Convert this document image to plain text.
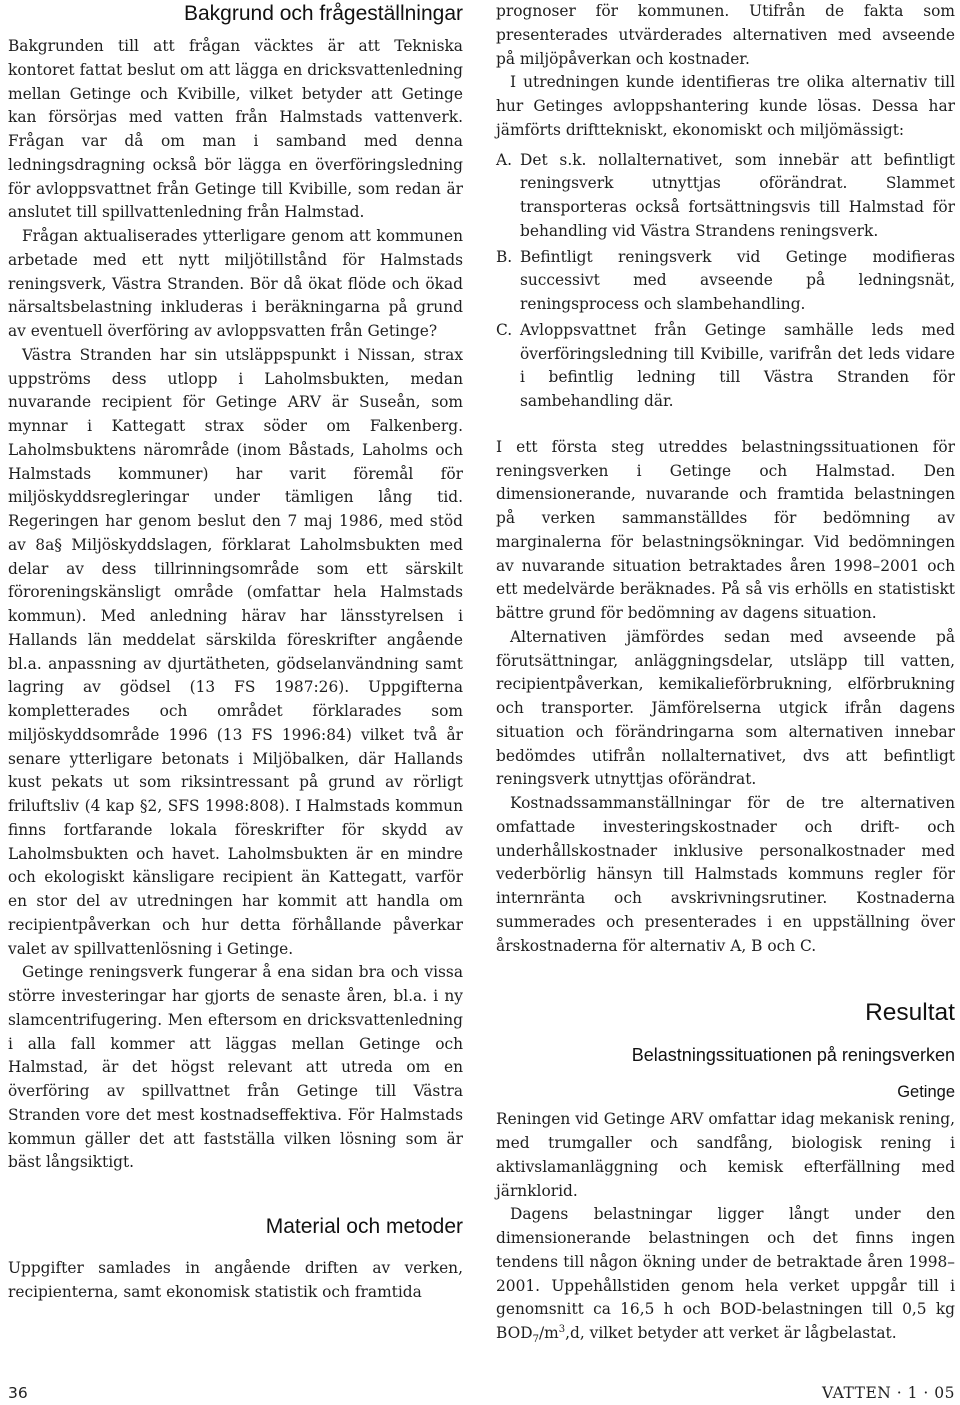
Bakgrund och frågeställningar

Bakgrunden till att frågan väcktes är att Tekniska kontoret fattat beslut om att lägga en dricksvattenledning mellan Getinge och Kvibille, vilket betyder att Getinge kan försörjas med vatten från Halmstads vattenverk. Frågan var då om man i samband med denna ledningsdragning också bör lägga en överföringsledning för avloppsvattnet från Getinge till Kvibille, som redan är anslutet till spillvattenledning från Halmstad.

Frågan aktualiserades ytterligare genom att kommunen arbetade med ett nytt miljötillstånd för Halmstads reningsverk, Västra Stranden. Bör då ökat flöde och ökad närsaltsbelastning inkluderas i beräkningarna på grund av eventuell överföring av avloppsvatten från Getinge?

Västra Stranden har sin utsläppspunkt i Nissan, strax uppströms dess utlopp i Laholmsbukten, medan nuvarande recipient för Getinge ARV är Suseån, som mynnar i Kattegatt strax söder om Falkenberg. Laholmsbuktens närområde (inom Båstads, Laholms och Halmstads kommuner) har varit föremål för miljöskyddsregleringar under tämligen lång tid. Regeringen har genom beslut den 7 maj 1986, med stöd av 8a§ Miljöskyddslagen, förklarat Laholmsbukten med delar av dess tillrinningsområde som ett särskilt föroreningskänsligt område (omfattar hela Halmstads kommun). Med anledning härav har länsstyrelsen i Hallands län meddelat särskilda föreskrifter angående bl.a. anpassning av djurtätheten, gödselanvändning samt lagring av gödsel (13 FS 1987:26). Uppgifterna kompletterades och området förklarades som miljöskyddsområde 1996 (13 FS 1996:84) vilket två år senare ytterligare betonats i Miljöbalken, där Hallands kust pekats ut som riksintressant på grund av rörligt friluftsliv (4 kap §2, SFS 1998:808). I Halmstads kommun finns fortfarande lokala föreskrifter för skydd av Laholmsbukten och havet. Laholmsbukten är en mindre och ekologiskt känsligare recipient än Kattegatt, varför en stor del av utredningen har kommit att handla om recipientpåverkan och hur detta förhållande påverkar valet av spillvattenlösning i Getinge.

Getinge reningsverk fungerar å ena sidan bra och vissa större investeringar har gjorts de senaste åren, bl.a. i ny slamcentrifugering. Men eftersom en dricksvattenledning i alla fall kommer att läggas mellan Getinge och Halmstad, är det högst relevant att utreda om en överföring av spillvattnet från Getinge till Västra Stranden vore det mest kostnadseffektiva. För Halmstads kommun gäller det att fastställa vilken lösning som är bäst långsiktigt.

Material och metoder

Uppgifter samlades in angående driften av verken, recipienterna, samt ekonomisk statistik och framtida

prognoser för kommunen. Utifrån de fakta som presenterades utvärderades alternativen med avseende på miljöpåverkan och kostnader.

I utredningen kunde identifieras tre olika alternativ till hur Getinges avloppshantering kunde lösas. Dessa har jämförts drifttekniskt, ekonomiskt och miljömässigt:

A. Det s.k. nollalternativet, som innebär att befintligt reningsverk utnyttjas oförändrat. Slammet transporteras också fortsättningsvis till Halmstad för behandling vid Västra Strandens reningsverk.
B. Befintligt reningsverk vid Getinge modifieras successivt med avseende på ledningsnät, reningsprocess och slambehandling.
C. Avloppsvattnet från Getinge samhälle leds med överföringsledning till Kvibille, varifrån det leds vidare i befintlig ledning till Västra Stranden för sambehandling där.

I ett första steg utreddes belastningssituationen för reningsverken i Getinge och Halmstad. Den dimensionerande, nuvarande och framtida belastningen på verken sammanställdes för bedömning av marginalerna för belastningsökningar. Vid bedömningen av nuvarande situation betraktades åren 1998–2001 och ett medelvärde beräknades. På så vis erhölls en statistiskt bättre grund för bedömning av dagens situation.

Alternativen jämfördes sedan med avseende på förutsättningar, anläggningsdelar, utsläpp till vatten, recipientpåverkan, kemikalieförbrukning, elförbrukning och transporter. Jämförelserna utgick ifrån dagens situation och förändringarna som alternativen innebar bedömdes utifrån nollalternativet, dvs att befintligt reningsverk utnyttjas oförändrat.

Kostnadssammanställningar för de tre alternativen omfattade investeringskostnader och drift- och underhållskostnader inklusive personalkostnader med vederbörlig hänsyn till Halmstads kommuns regler för internränta och avskrivningsrutiner. Kostnaderna summerades och presenterades i en uppställning över årskostnaderna för alternativ A, B och C.

Resultat
Belastningssituationen på reningsverken
Getinge

Reningen vid Getinge ARV omfattar idag mekanisk rening, med trumgaller och sandfång, biologisk rening i aktivslamanläggning och kemisk efterfällning med järnklorid.

Dagens belastningar ligger långt under den dimensionerande belastningen och det finns ingen tendens till någon ökning under de betraktade åren 1998–2001. Uppehållstiden genom hela verket uppgår till i genomsnitt ca 16,5 h och BOD-belastningen till 0,5 kg $BOD_7/m^3,d$, vilket betyder att verket är lågbelastat.

36	VATTEN · 1 · 05
